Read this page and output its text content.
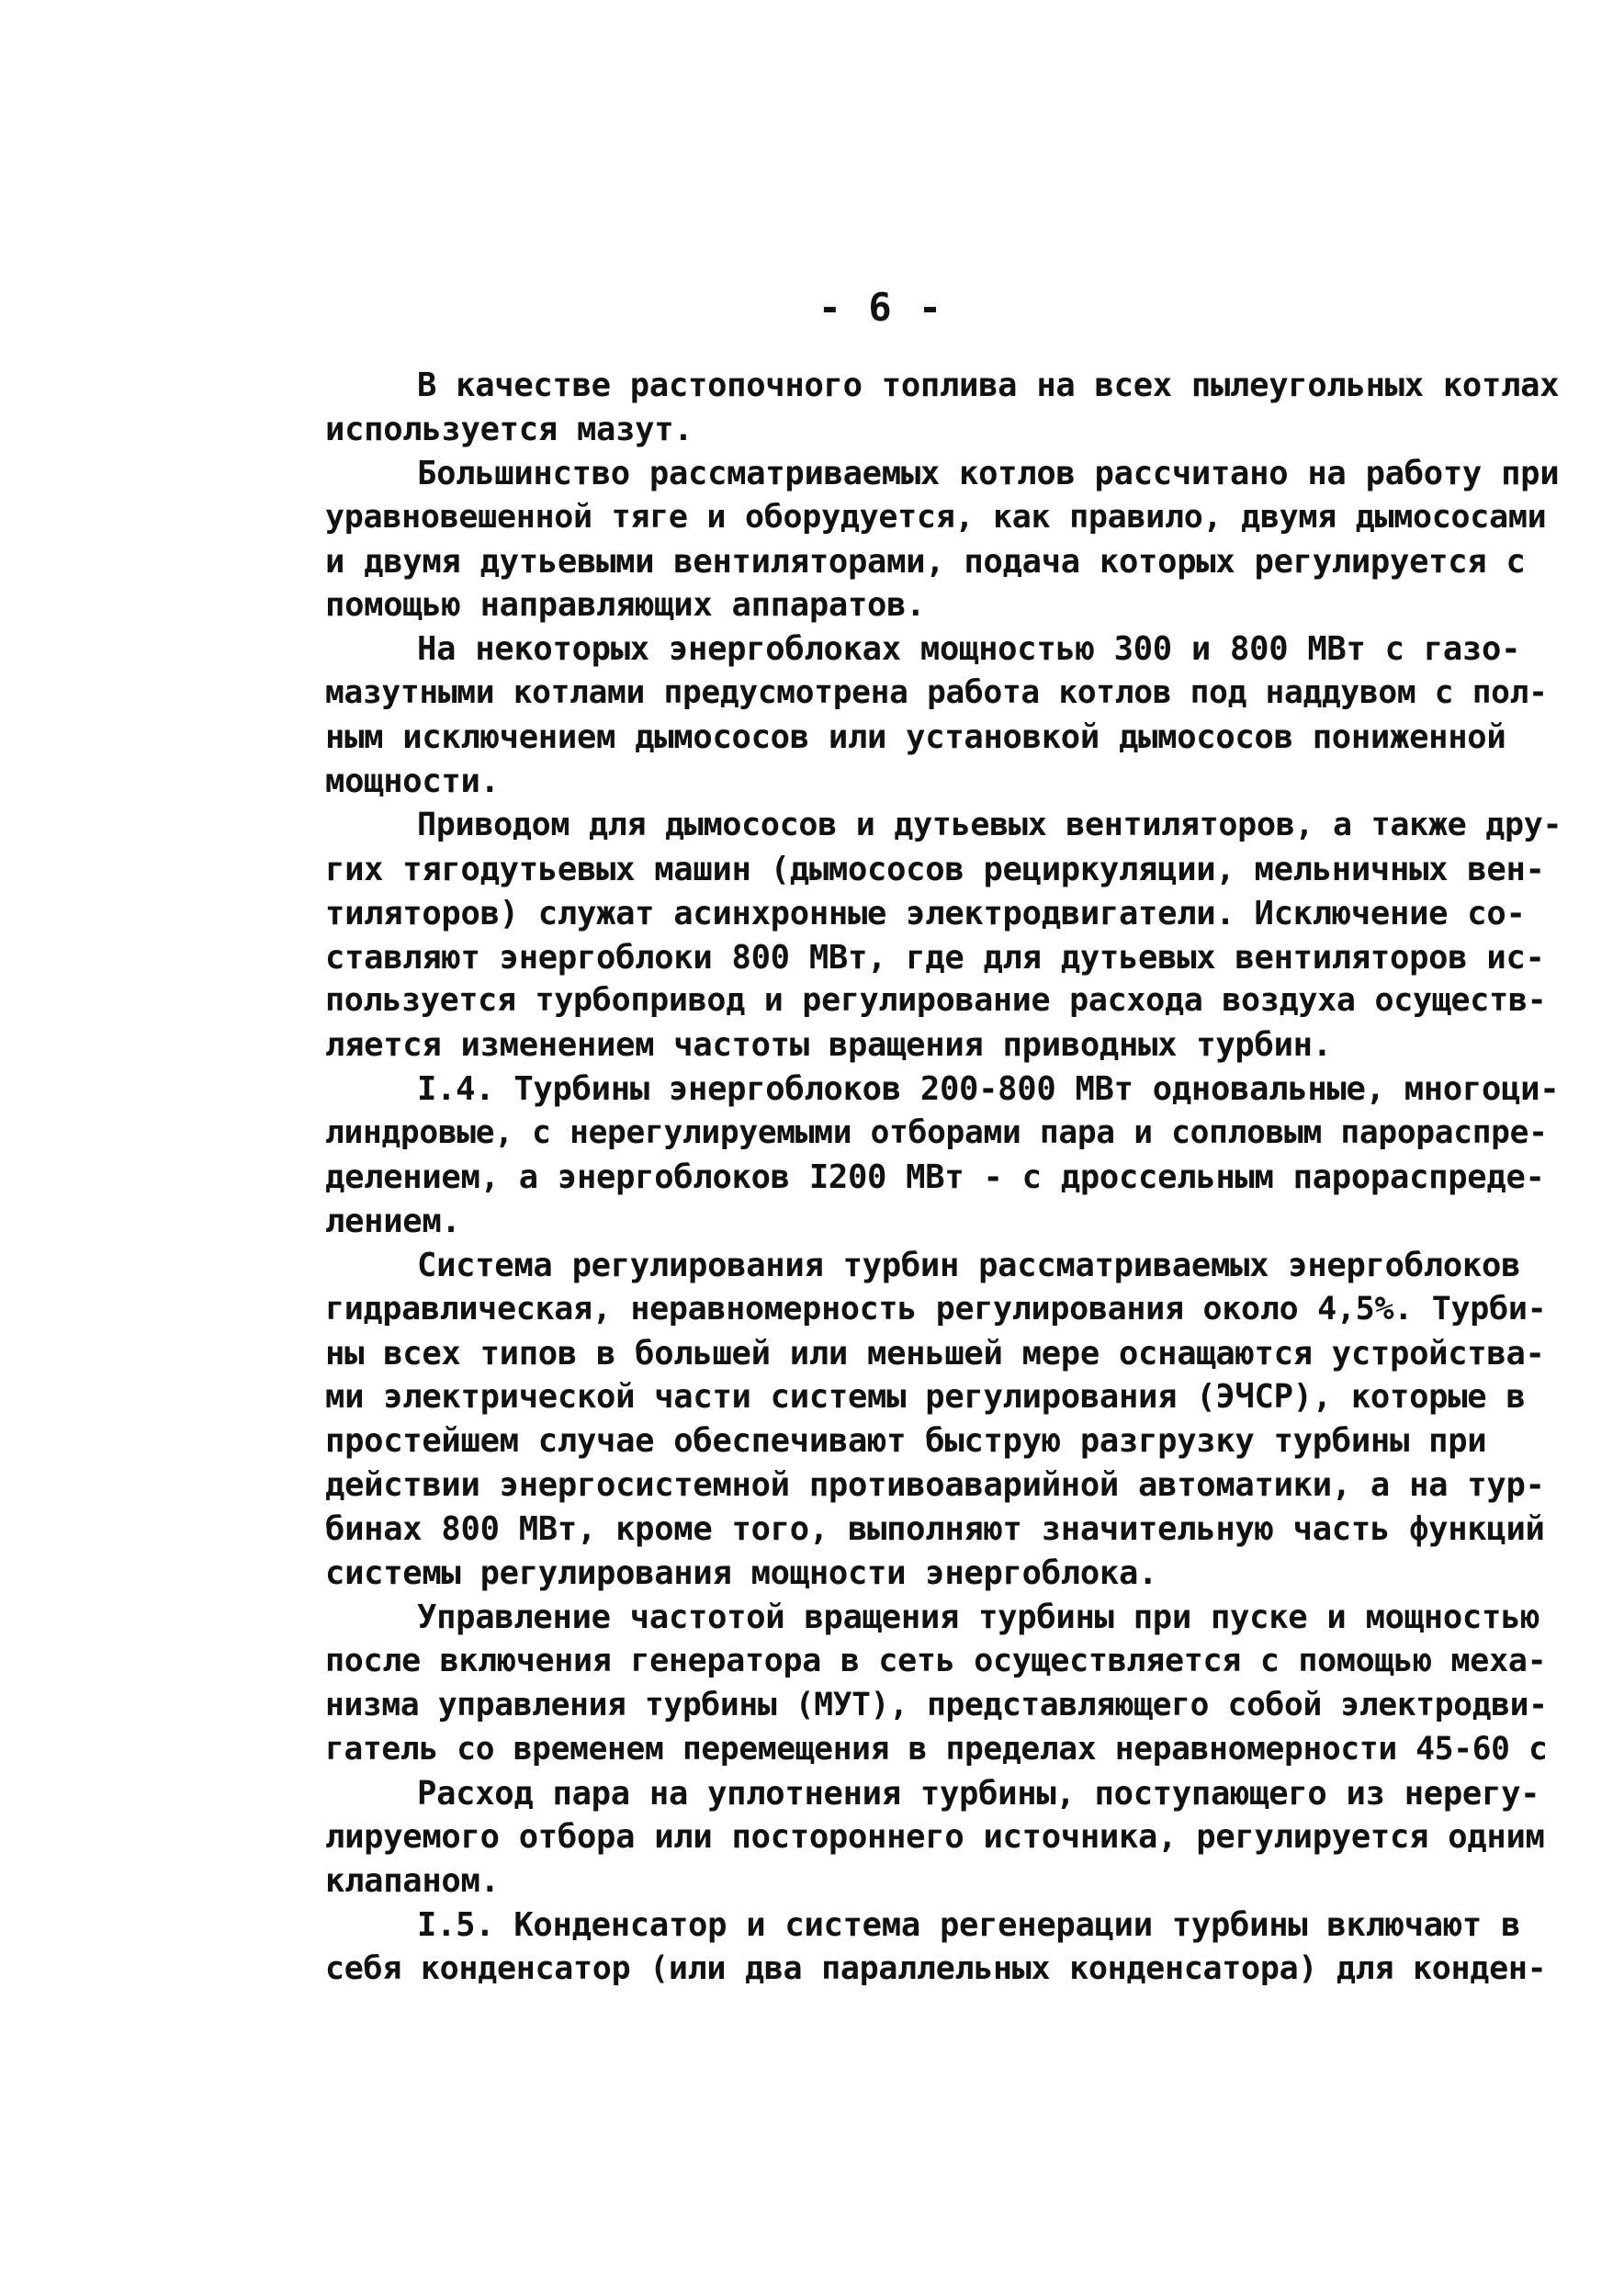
- 6 -
В качестве растопочного топлива на всех пылеугольных котлах
используется мазут.
Большинство рассматриваемых котлов рассчитано на работу при
уравновешенной тяге и оборудуется, как правило, двумя дымососами
и двумя дутьевыми вентиляторами, подача которых регулируется с
помощью направляющих аппаратов.
На некоторых энергоблоках мощностью 300 и 800 МВт с газо-
мазутными котлами предусмотрена работа котлов под наддувом с пол-
ным исключением дымососов или установкой дымососов пониженной
мощности.
Приводом для дымососов и дутьевых вентиляторов, а также дру-
гих тягодутьевых машин (дымососов рециркуляции, мельничных вен-
тиляторов) служат асинхронные электродвигатели. Исключение со-
ставляют энергоблоки 800 МВт, где для дутьевых вентиляторов ис-
пользуется турбопривод и регулирование расхода воздуха осуществ-
ляется изменением частоты вращения приводных турбин.
I.4. Турбины энергоблоков 200-800 МВт одновальные, многоци-
линдровые, с нерегулируемыми отборами пара и сопловым парораспре-
делением, а энергоблоков I200 МВт - с дроссельным парораспреде-
лением.
Система регулирования турбин рассматриваемых энергоблоков
гидравлическая, неравномерность регулирования около 4,5%. Турби-
ны всех типов в большей или меньшей мере оснащаются устройства-
ми электрической части системы регулирования (ЭЧСР), которые в
простейшем случае обеспечивают быструю разгрузку турбины при
действии энергосистемной противоаварийной автоматики, а на тур-
бинах 800 МВт, кроме того, выполняют значительную часть функций
системы регулирования мощности энергоблока.
Управление частотой вращения турбины при пуске и мощностью
после включения генератора в сеть осуществляется с помощью меха-
низма управления турбины (МУТ), представляющего собой электродви-
гатель со временем перемещения в пределах неравномерности 45-60 с
Расход пара на уплотнения турбины, поступающего из нерегу-
лируемого отбора или постороннего источника, регулируется одним
клапаном.
I.5. Конденсатор и система регенерации турбины включают в
себя конденсатор (или два параллельных конденсатора) для конден-
